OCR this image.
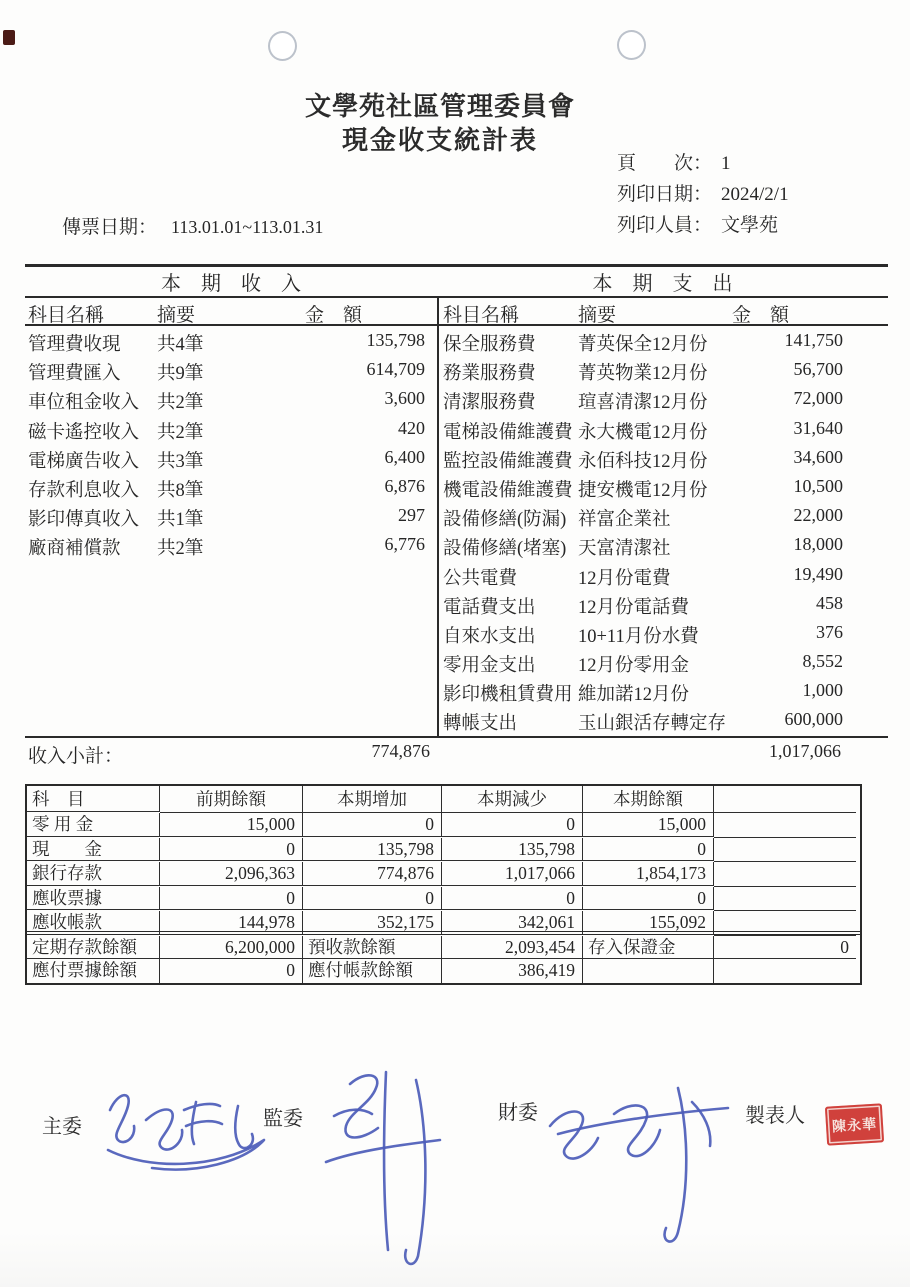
文學苑社區管理委員會
現金收支統計表
頁　　次： 1
列印日期： 2024/2/1
列印人員： 文學苑
傳票日期： 113.01.01~113.01.31
本　期　收　入	本　期　支　出
科目名稱	摘要	金　額
管理費收現 共4筆	135,798
管理費匯入 共9筆	614,709
車位租金收入 共2筆	3,600
磁卡遙控收入 共2筆	420
電梯廣告收入 共3筆	6,400
存款利息收入 共8筆	6,876
影印傳真收入 共1筆	297
廠商補償款 共2筆	6,776
科目名稱	摘要	金　額
保全服務費 菁英保全12月份	141,750
務業服務費 菁英物業12月份	56,700
清潔服務費 瑄喜清潔12月份	72,000
電梯設備維護費 永大機電12月份	31,640
監控設備維護費 永佰科技12月份	34,600
機電設備維護費 捷安機電12月份	10,500
設備修繕(防漏) 祥富企業社	22,000
設備修繕(堵塞) 天富清潔社	18,000
公共電費	12月份電費	19,490
電話費支出 12月份電話費	458
自來水支出 10+11月份水費	376
零用金支出 12月份零用金	8,552
影印機租賃費用 維加諾12月份	1,000
轉帳支出	玉山銀活存轉定存	600,000
收入小計：	774,876	1,017,066
科　目	前期餘額	本期增加	本期減少	本期餘額
零 用 金	15,000	0	0	15,000
現　　金	0	135,798	135,798	0
銀行存款	2,096,363	774,876	1,017,066	1,854,173
應收票據	0	0	0	0
應收帳款	144,978	352,175	342,061	155,092
定期存款餘額	6,200,000 預收款餘額	2,093,454 存入保證金	0
應付票據餘額	0 應付帳款餘額	386,419
主委	監委	財委	製表人 陳永華
